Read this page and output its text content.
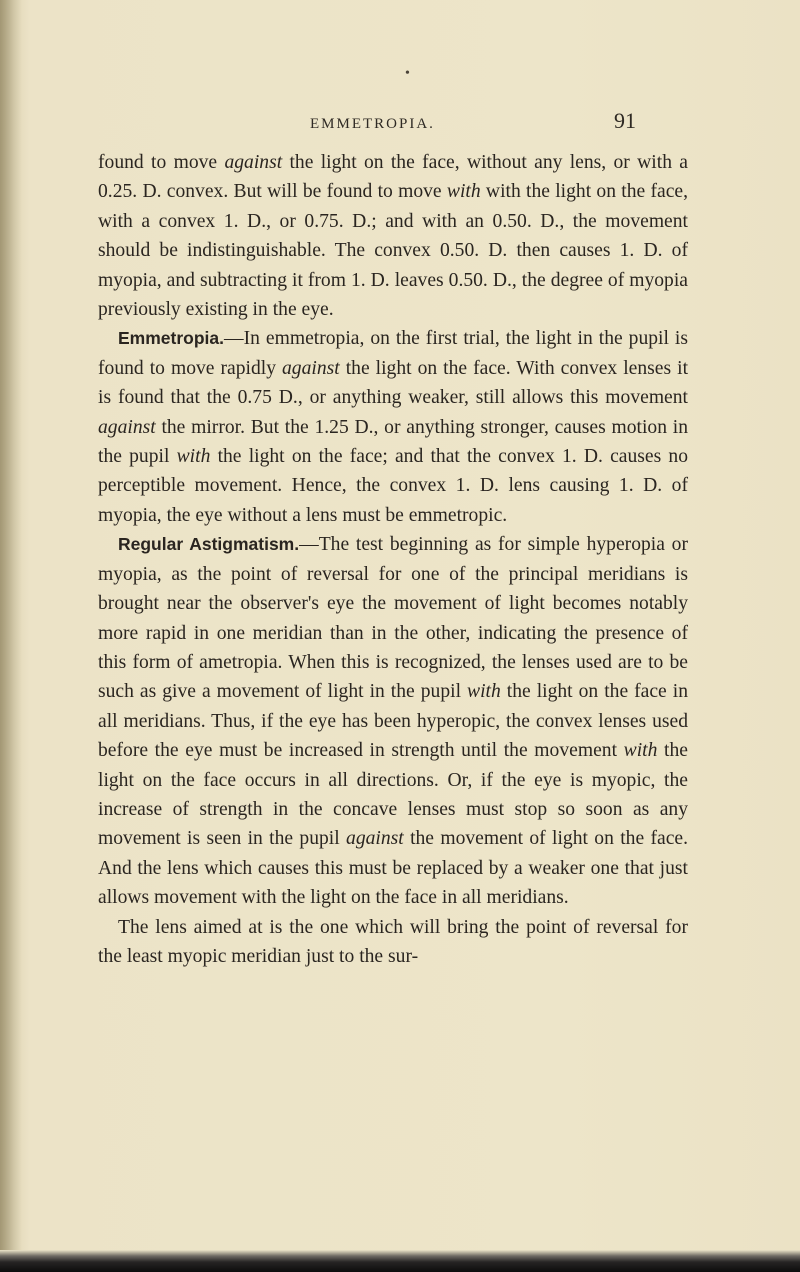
•
EMMETROPIA.	91

found to move against the light on the face, without any lens, or with a 0.25. D. convex. But will be found to move with with the light on the face, with a convex 1. D., or 0.75. D.; and with an 0.50. D., the movement should be indistinguishable. The convex 0.50. D. then causes 1. D. of myopia, and subtracting it from 1. D. leaves 0.50. D., the degree of myopia previously existing in the eye.

Emmetropia.—In emmetropia, on the first trial, the light in the pupil is found to move rapidly against the light on the face. With convex lenses it is found that the 0.75 D., or anything weaker, still allows this movement against the mirror. But the 1.25 D., or anything stronger, causes motion in the pupil with the light on the face; and that the convex 1. D. causes no perceptible movement. Hence, the convex 1. D. lens causing 1. D. of myopia, the eye without a lens must be emmetropic.

Regular Astigmatism.—The test beginning as for simple hyperopia or myopia, as the point of reversal for one of the principal meridians is brought near the observer's eye the movement of light becomes notably more rapid in one meridian than in the other, indicating the presence of this form of ametropia. When this is recognized, the lenses used are to be such as give a movement of light in the pupil with the light on the face in all meridians. Thus, if the eye has been hyperopic, the convex lenses used before the eye must be increased in strength until the movement with the light on the face occurs in all directions. Or, if the eye is myopic, the increase of strength in the concave lenses must stop so soon as any movement is seen in the pupil against the movement of light on the face. And the lens which causes this must be replaced by a weaker one that just allows movement with the light on the face in all meridians.

The lens aimed at is the one which will bring the point of reversal for the least myopic meridian just to the sur-
